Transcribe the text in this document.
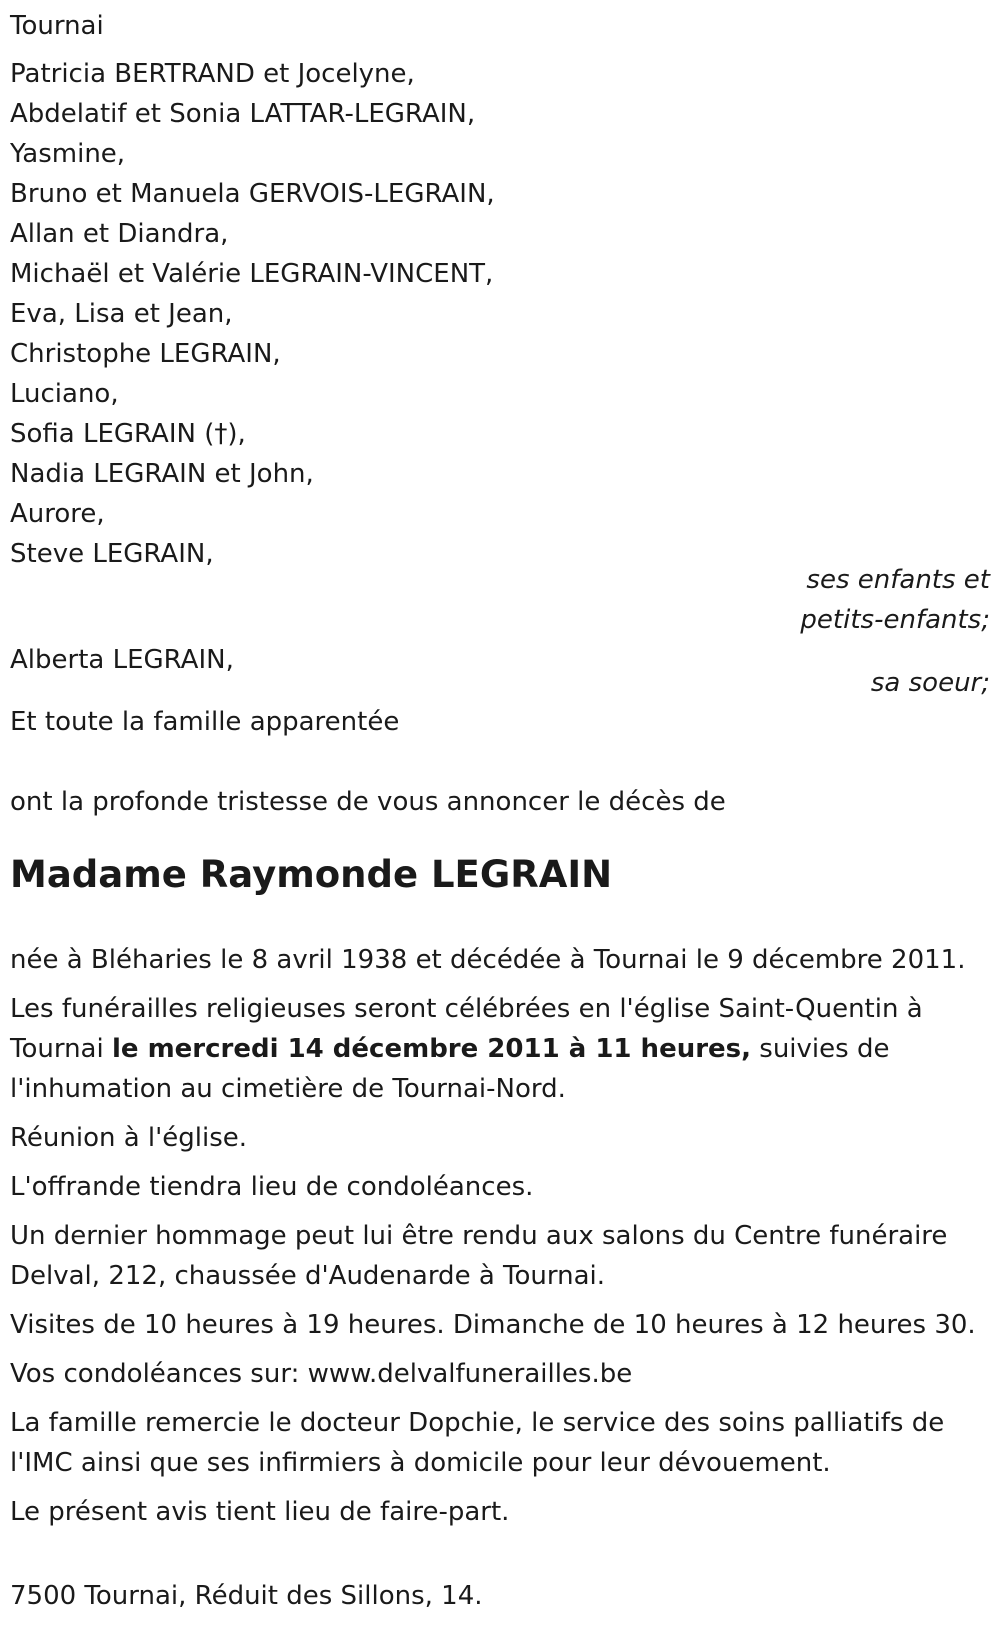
Tournai
Patricia BERTRAND et Jocelyne,
Abdelatif et Sonia LATTAR-LEGRAIN,
Yasmine,
Bruno et Manuela GERVOIS-LEGRAIN,
Allan et Diandra,
Michaël et Valérie LEGRAIN-VINCENT,
Eva, Lisa et Jean,
Christophe LEGRAIN,
Luciano,
Sofia LEGRAIN (†),
Nadia LEGRAIN et John,
Aurore,
Steve LEGRAIN,
ses enfants et
petits-enfants;
Alberta LEGRAIN,
sa soeur;
Et toute la famille apparentée
ont la profonde tristesse de vous annoncer le décès de
Madame Raymonde LEGRAIN

née à Bléharies le 8 avril 1938 et décédée à Tournai le 9 décembre 2011.

Les funérailles religieuses seront célébrées en l'église Saint-Quentin à Tournai le mercredi 14 décembre 2011 à 11 heures, suivies de l'inhumation au cimetière de Tournai-Nord.

Réunion à l'église.

L'offrande tiendra lieu de condoléances.

Un dernier hommage peut lui être rendu aux salons du Centre funéraire Delval, 212, chaussée d'Audenarde à Tournai.

Visites de 10 heures à 19 heures. Dimanche de 10 heures à 12 heures 30.

Vos condoléances sur: www.delvalfunerailles.be

La famille remercie le docteur Dopchie, le service des soins palliatifs de l'IMC ainsi que ses infirmiers à domicile pour leur dévouement.

Le présent avis tient lieu de faire-part.

7500 Tournai, Réduit des Sillons, 14.
